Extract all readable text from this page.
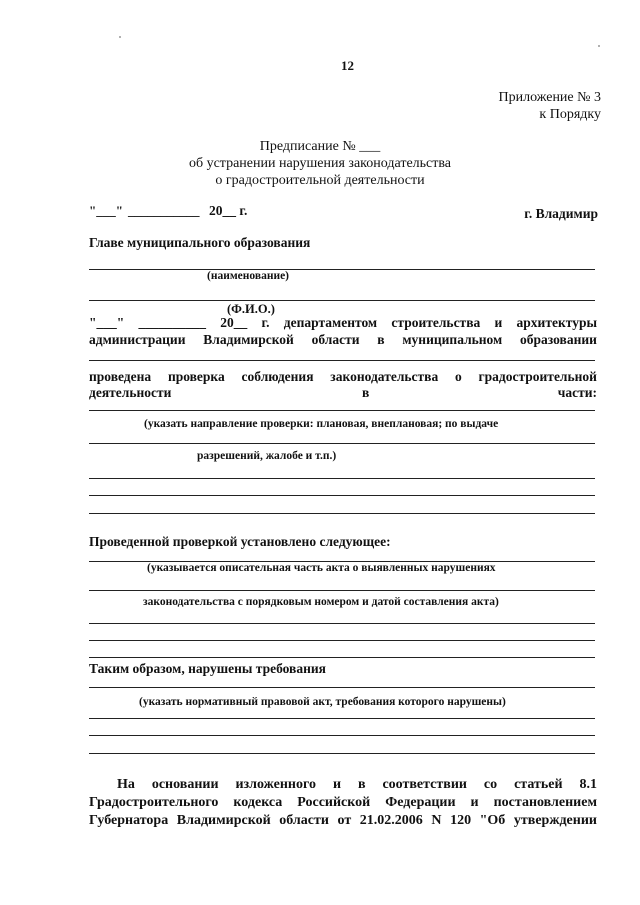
12
Приложение № 3
к Порядку
Предписание № ___
об устранении нарушения законодательства
о градостроительной деятельности
"___" ___________ 20__ г.	г. Владимир
Главе муниципального образования
(наименование)
(Ф.И.О.)
"___" __________ 20__ г. департаментом строительства и архитектуры
администрации Владимирской области в муниципальном образовании
проведена проверка соблюдения законодательства о градостроительной
деятельности	в	части:
(указать направление проверки: плановая, внеплановая; по выдаче
разрешений, жалобе и т.п.)
Проведенной проверкой установлено следующее:
(указывается описательная часть акта о выявленных нарушениях
законодательства с порядковым номером и датой составления акта)
Таким образом, нарушены требования
(указать нормативный правовой акт, требования которого нарушены)
На основании изложенного и в соответствии со статьей 8.1
Градостроительного кодекса Российской Федерации и постановлением
Губернатора Владимирской области от 21.02.2006 N 120 "Об утверждении
